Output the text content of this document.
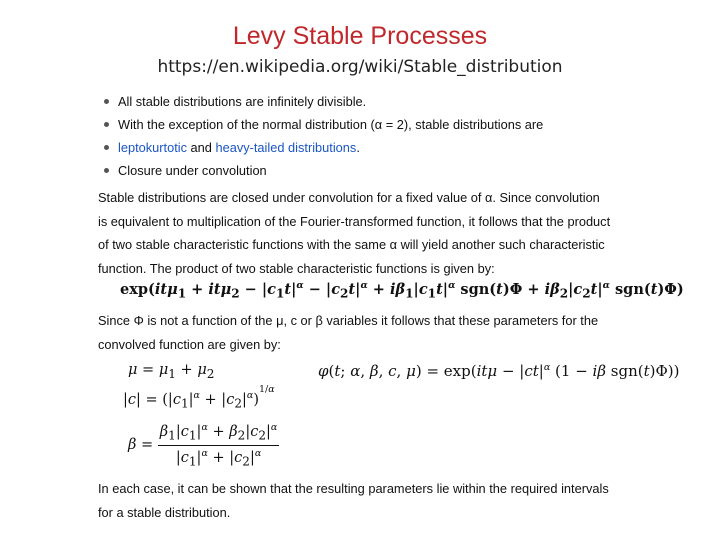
Levy Stable Processes
https://en.wikipedia.org/wiki/Stable_distribution
All stable distributions are infinitely divisible.
With the exception of the normal distribution (α = 2), stable distributions are
leptokurtotic and heavy-tailed distributions.
Closure under convolution
Stable distributions are closed under convolution for a fixed value of α. Since convolution
is equivalent to multiplication of the Fourier-transformed function, it follows that the product
of two stable characteristic functions with the same α will yield another such characteristic
function. The product of two stable characteristic functions is given by:
$\exp(it\mu_1 + it\mu_2 - |c_1t|^\alpha - |c_2t|^\alpha + i\beta_1|c_1t|^\alpha$ $sgn(t)\Phi + i\beta_2|c_2t|^\alpha$ sgn(t)Φ)
Since Φ is not a function of the μ, c or β variables it follows that these parameters for the
convolved function are given by:
$\mu = \mu_1 + \mu_2$
$|c| = (|c_1|^\alpha + |c_2|^\alpha)^{1/\alpha}$
$\beta = \frac{\beta_1|c_1|^\alpha + \beta_2|c_2|^\alpha}{|c_1|^\alpha + |c_2|^\alpha}$
φ(t; α, β, c, $\mu) = \exp(it\mu - |ct|^\alpha$ (1 − iβ sgn(t)Φ))
In each case, it can be shown that the resulting parameters lie within the required intervals
for a stable distribution.
